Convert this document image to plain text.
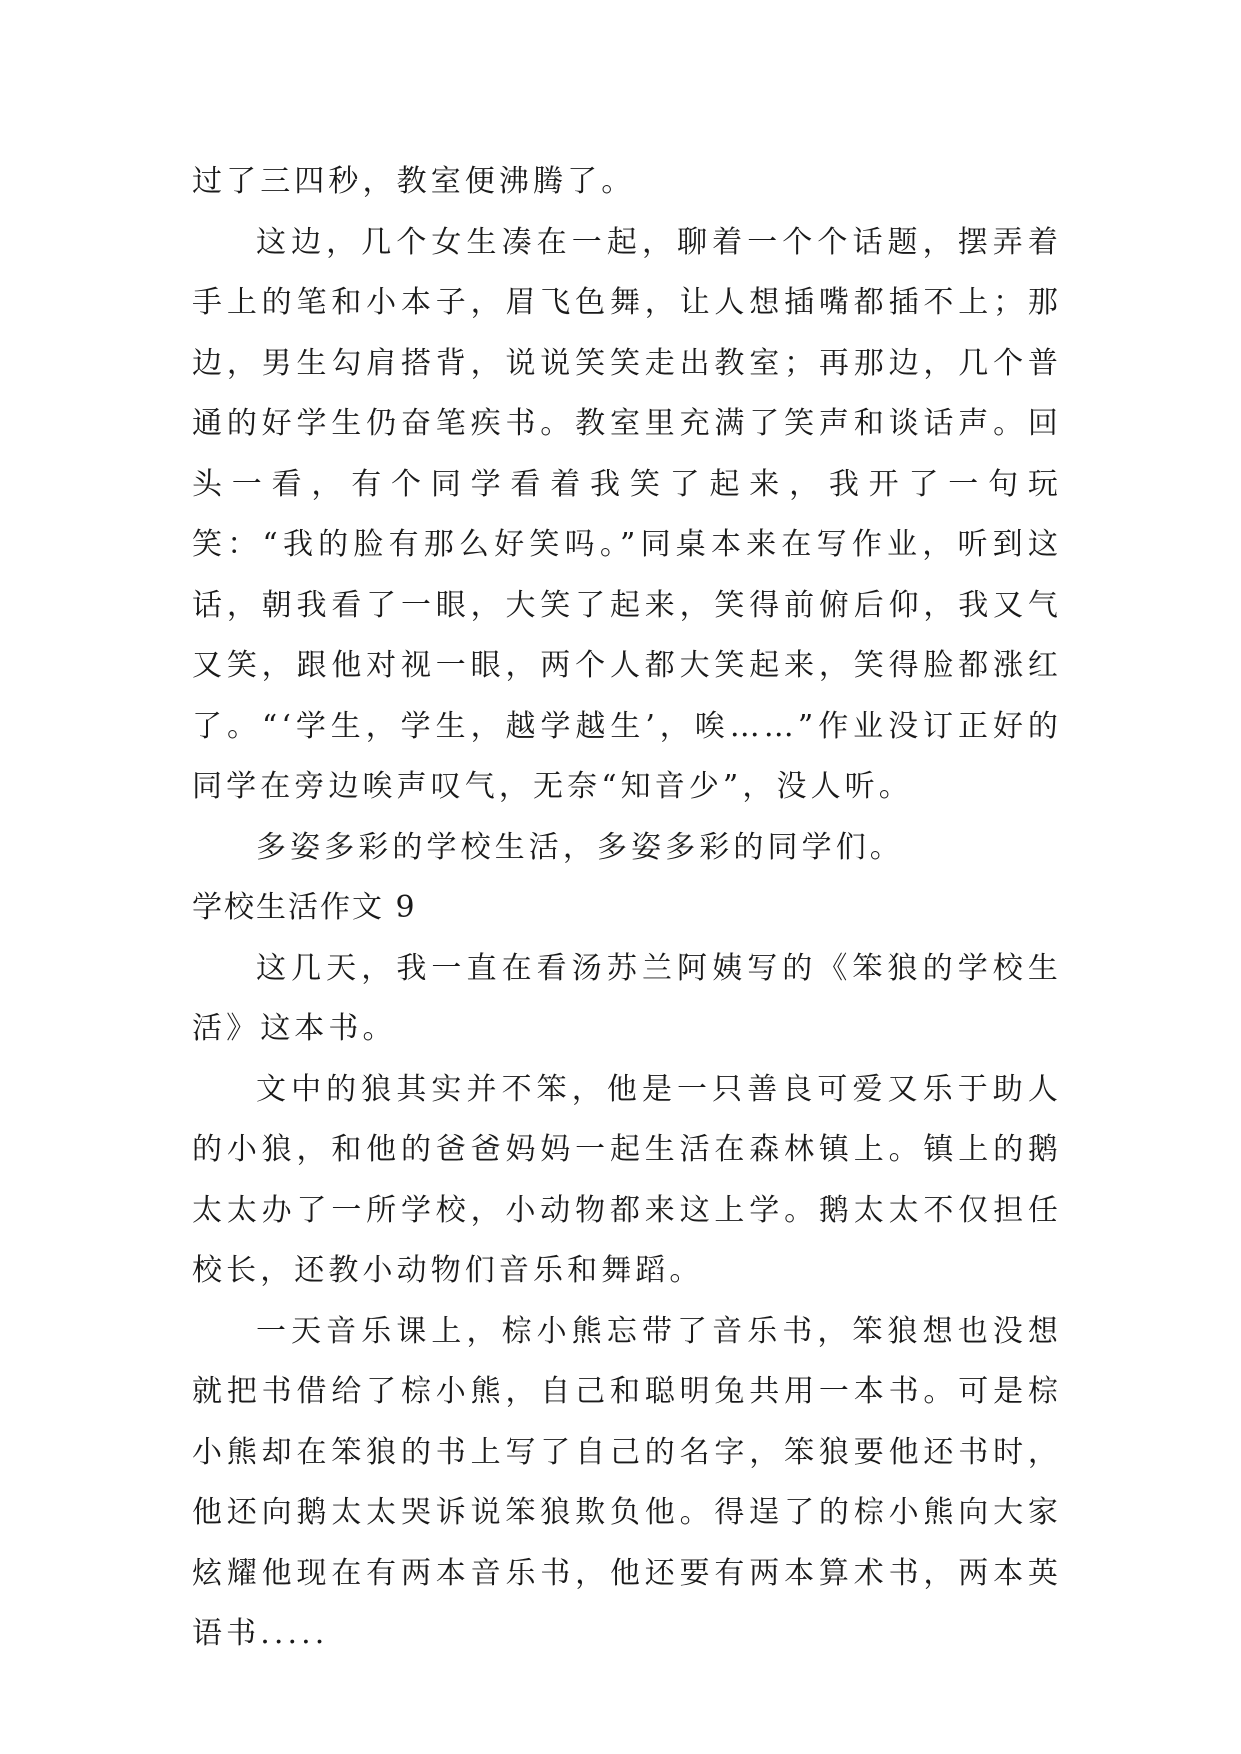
过了三四秒，教室便沸腾了。

这边，几个女生凑在一起，聊着一个个话题，摆弄着手上的笔和小本子，眉飞色舞，让人想插嘴都插不上；那边，男生勾肩搭背，说说笑笑走出教室；再那边，几个普通的好学生仍奋笔疾书。教室里充满了笑声和谈话声。回头一看，有个同学看着我笑了起来，我开了一句玩笑：“我的脸有那么好笑吗。”同桌本来在写作业，听到这话，朝我看了一眼，大笑了起来，笑得前俯后仰，我又气又笑，跟他对视一眼，两个人都大笑起来，笑得脸都涨红了。“‘学生，学生，越学越生’，唉……”作业没订正好的同学在旁边唉声叹气，无奈“知音少”，没人听。

多姿多彩的学校生活，多姿多彩的同学们。

学校生活作文 9

这几天，我一直在看汤苏兰阿姨写的《笨狼的学校生活》这本书。

文中的狼其实并不笨，他是一只善良可爱又乐于助人的小狼，和他的爸爸妈妈一起生活在森林镇上。镇上的鹅太太办了一所学校，小动物都来这上学。鹅太太不仅担任校长，还教小动物们音乐和舞蹈。

一天音乐课上，棕小熊忘带了音乐书，笨狼想也没想就把书借给了棕小熊，自己和聪明兔共用一本书。可是棕小熊却在笨狼的书上写了自己的名字，笨狼要他还书时，他还向鹅太太哭诉说笨狼欺负他。得逞了的棕小熊向大家炫耀他现在有两本音乐书，他还要有两本算术书，两本英语书.....
